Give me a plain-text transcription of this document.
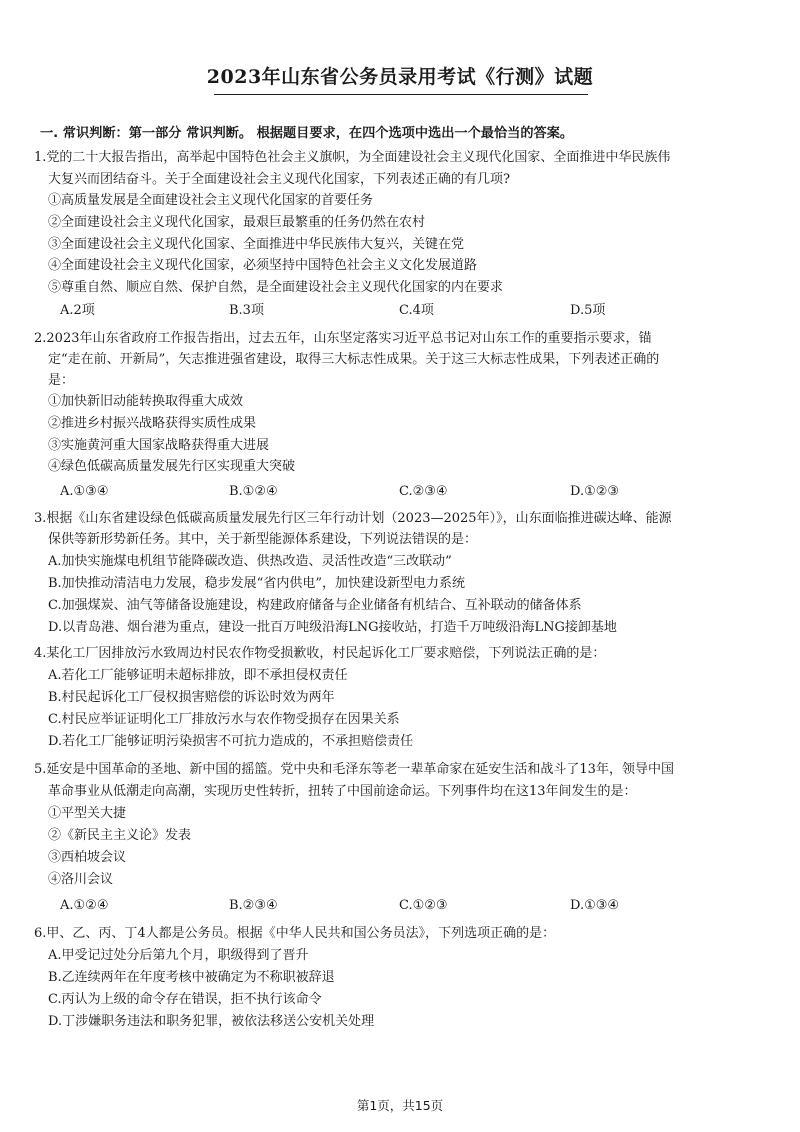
2023年山东省公务员录用考试《行测》试题
一. 常识判断：第一部分 常识判断。 根据题目要求，在四个选项中选出一个最恰当的答案。
1.党的二十大报告指出，高举起中国特色社会主义旗帜，为全面建设社会主义现代化国家、全面推进中华民族伟
大复兴而团结奋斗。关于全面建设社会主义现代化国家，下列表述正确的有几项?
①高质量发展是全面建设社会主义现代化国家的首要任务
②全面建设社会主义现代化国家，最艰巨最繁重的任务仍然在农村
③全面建设社会主义现代化国家、全面推进中华民族伟大复兴，关键在党
④全面建设社会主义现代化国家，必须坚持中国特色社会主义文化发展道路
⑤尊重自然、顺应自然、保护自然，是全面建设社会主义现代化国家的内在要求
A.2项	B.3项	C.4项	D.5项
2.2023年山东省政府工作报告指出，过去五年，山东坚定落实习近平总书记对山东工作的重要指示要求，锚
定“走在前、开新局”，矢志推进强省建设，取得三大标志性成果。关于这三大标志性成果，下列表述正确的
是：
①加快新旧动能转换取得重大成效
②推进乡村振兴战略获得实质性成果
③实施黄河重大国家战略获得重大进展
④绿色低碳高质量发展先行区实现重大突破
A.①③④	B.①②④	C.②③④	D.①②③
3.根据《山东省建设绿色低碳高质量发展先行区三年行动计划（2023—2025年）》，山东面临推进碳达峰、能源
保供等新形势新任务。其中，关于新型能源体系建设，下列说法错误的是：
A.加快实施煤电机组节能降碳改造、供热改造、灵活性改造“三改联动”
B.加快推动清洁电力发展，稳步发展“省内供电”，加快建设新型电力系统
C.加强煤炭、油气等储备设施建设，构建政府储备与企业储备有机结合、互补联动的储备体系
D.以青岛港、烟台港为重点，建设一批百万吨级沿海LNG接收站，打造千万吨级沿海LNG接卸基地
4.某化工厂因排放污水致周边村民农作物受损歉收，村民起诉化工厂要求赔偿，下列说法正确的是：
A.若化工厂能够证明未超标排放，即不承担侵权责任
B.村民起诉化工厂侵权损害赔偿的诉讼时效为两年
C.村民应举证证明化工厂排放污水与农作物受损存在因果关系
D.若化工厂能够证明污染损害不可抗力造成的，不承担赔偿责任
5.延安是中国革命的圣地、新中国的摇篮。党中央和毛泽东等老一辈革命家在延安生活和战斗了13年，领导中国
革命事业从低潮走向高潮，实现历史性转折，扭转了中国前途命运。下列事件均在这13年间发生的是：
①平型关大捷
②《新民主主义论》发表
③西柏坡会议
④洛川会议
A.①②④	B.②③④	C.①②③	D.①③④
6.甲、乙、丙、丁4人都是公务员。根据《中华人民共和国公务员法》，下列选项正确的是：
A.甲受记过处分后第九个月，职级得到了晋升
B.乙连续两年在年度考核中被确定为不称职被辞退
C.丙认为上级的命令存在错误，拒不执行该命令
D.丁涉嫌职务违法和职务犯罪，被依法移送公安机关处理
第1页，共15页
